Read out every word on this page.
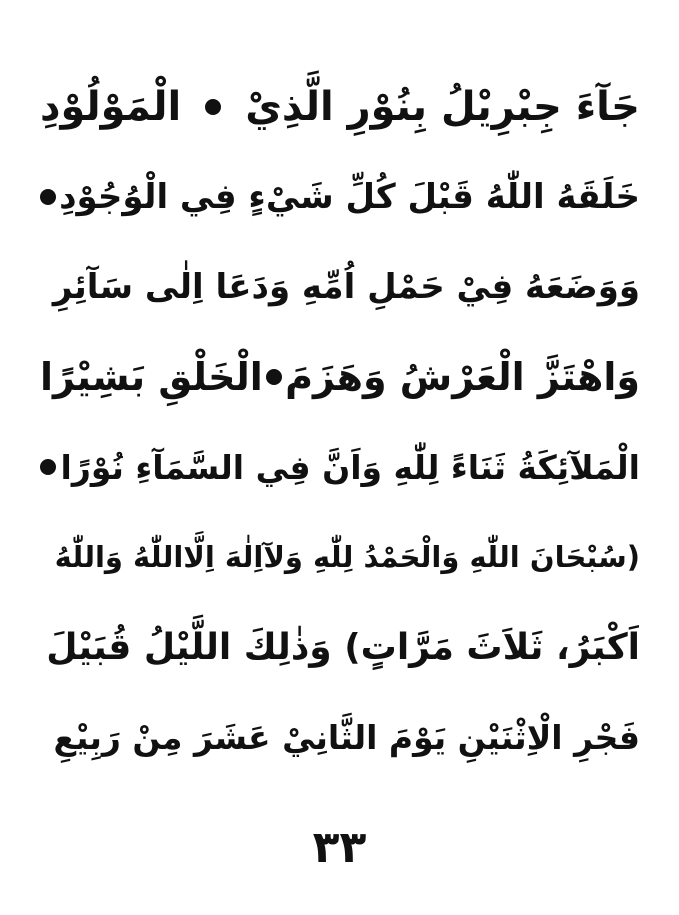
جَآءَ جِبْرِيْلُ بِنُوْرِ الَّذِيْ
الْمَوْلُوْدِ
خَلَقَهُ اللّٰهُ قَبْلَ كُلِّ شَيْءٍ فِي الْوُجُوْدِ
وَوَضَعَهُ فِيْ حَمْلِ اُمِّهِ وَدَعَا اِلٰى سَآئِرِ
وَاهْتَزَّ الْعَرْشُ وَهَزَمَ
الْخَلْقِ بَشِيْرًا
الْمَلآئِكَةُ ثَنَاءً لِلّٰهِ وَاَنَّ فِي السَّمَآءِ نُوْرًا
(سُبْحَانَ اللّٰهِ وَالْحَمْدُ لِلّٰهِ وَلآاِلٰهَ اِلَّااللّٰهُ وَاللّٰهُ
اَكْبَرُ، ثَلاَثَ مَرَّاتٍ) وَذٰلِكَ اللَّيْلُ قُبَيْلَ
فَجْرِ الْاِثْنَيْنِ يَوْمَ الثَّانِيْ عَشَرَ مِنْ رَبِيْعِ
٣٣
